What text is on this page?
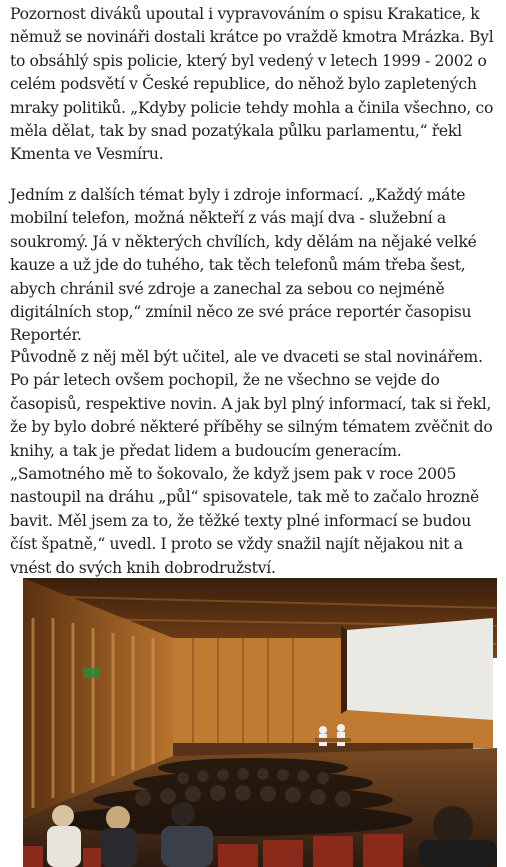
Pozornost diváků upoutal i vypravováním o spisu Krakatice, k němuž se novináři dostali krátce po vraždě kmotra Mrázka. Byl to obsáhlý spis policie, který byl vedený v letech 1999 - 2002 o celém podsvětí v České republice, do něhož bylo zapletených mraky politiků. „Kdyby policie tehdy mohla a činila všechno, co měla dělat, tak by snad pozatýkala půlku parlamentu,“ řekl Kmenta ve Vesmíru.

Jedním z dalších témat byly i zdroje informací. „Každý máte mobilní telefon, možná někteří z vás mají dva - služební a soukromý. Já v některých chvílích, kdy dělám na nějaké velké kauze a už jde do tuhého, tak těch telefonů mám třeba šest, abych chránil své zdroje a zanechal za sebou co nejméně digitálních stop,“ zmínil něco ze své práce reportér časopisu Reportér.

Původně z něj měl být učitel, ale ve dvaceti se stal novinářem. Po pár letech ovšem pochopil, že ne všechno se vejde do časopisů, respektive novin. A jak byl plný informací, tak si řekl, že by bylo dobré některé příběhy se silným tématem zvěčnit do knihy, a tak je předat lidem a budoucím generacím. „Samotného mě to šokovalo, že když jsem pak v roce 2005 nastoupil na dráhu „půl“ spisovatele, tak mě to začalo hrozně bavit. Měl jsem za to, že těžké texty plné informací se budou číst špatně,“ uvedl. I proto se vždy snažil najít nějakou nit a vnést do svých knih dobrodružství.
